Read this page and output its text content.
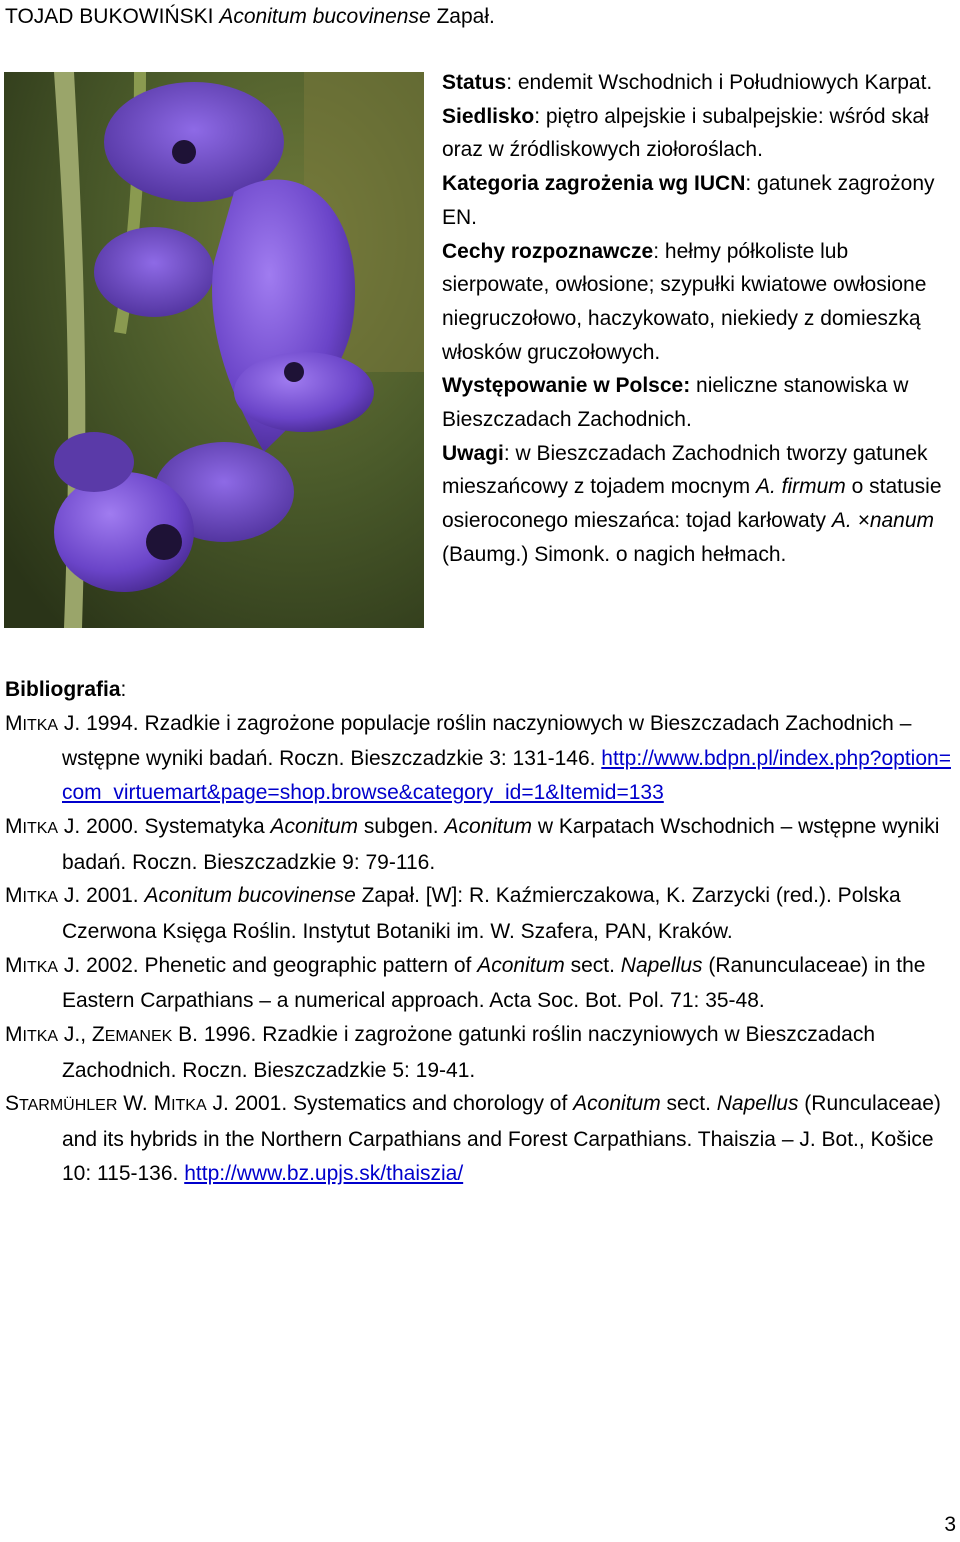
TOJAD BUKOWIŃSKI Aconitum bucovinense Zapał.

Status: endemit Wschodnich i Południowych Karpat.

Siedlisko: piętro alpejskie i subalpejskie: wśród skał oraz w źródliskowych ziołoroślach.

Kategoria zagrożenia wg IUCN: gatunek zagrożony EN.

Cechy rozpoznawcze: hełmy półkoliste lub sierpowate, owłosione; szypułki kwiatowe owłosione niegruczołowo, haczykowato, niekiedy z domieszką włosków gruczołowych.

Występowanie w Polsce: nieliczne stanowiska w Bieszczadach Zachodnich.

Uwagi: w Bieszczadach Zachodnich tworzy gatunek mieszańcowy z tojadem mocnym A. firmum o statusie osieroconego mieszańca: tojad karłowaty A. ×nanum (Baumg.) Simonk. o nagich hełmach.

Bibliografia:

MITKA J. 1994. Rzadkie i zagrożone populacje roślin naczyniowych w Bieszczadach Zachodnich – wstępne wyniki badań. Roczn. Bieszczadzkie 3: 131-146. http://www.bdpn.pl/index.php?option=com_virtuemart&page=shop.browse&category_id=1&Itemid=133

MITKA J. 2000. Systematyka Aconitum subgen. Aconitum w Karpatach Wschodnich – wstępne wyniki badań. Roczn. Bieszczadzkie 9: 79-116.

MITKA J. 2001. Aconitum bucovinense Zapał. [W]: R. Kaźmierczakowa, K. Zarzycki (red.). Polska Czerwona Księga Roślin. Instytut Botaniki im. W. Szafera, PAN, Kraków.

MITKA J. 2002. Phenetic and geographic pattern of Aconitum sect. Napellus (Ranunculaceae) in the Eastern Carpathians – a numerical approach. Acta Soc. Bot. Pol. 71: 35-48.

MITKA J., ZEMANEK B. 1996. Rzadkie i zagrożone gatunki roślin naczyniowych w Bieszczadach Zachodnich. Roczn. Bieszczadzkie 5: 19-41.

STARMÜHLER W. MITKA J. 2001. Systematics and chorology of Aconitum sect. Napellus (Runculaceae) and its hybrids in the Northern Carpathians and Forest Carpathians. Thaiszia – J. Bot., Košice 10: 115-136. http://www.bz.upjs.sk/thaiszia/

3
